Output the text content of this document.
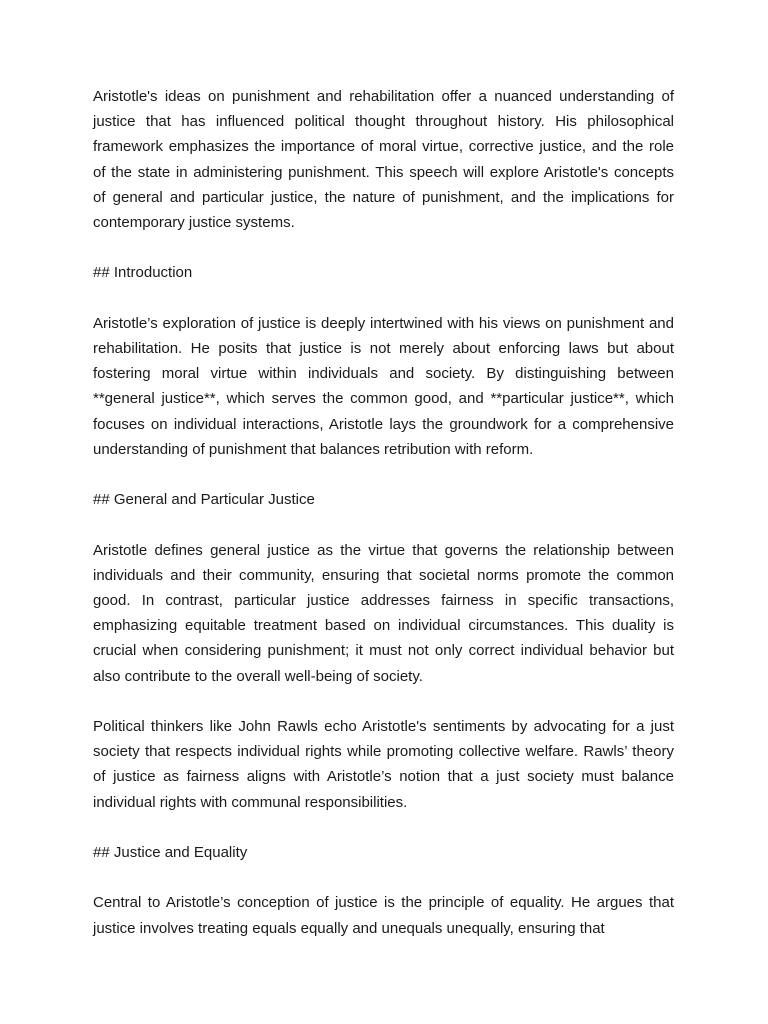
Aristotle's ideas on punishment and rehabilitation offer a nuanced understanding of justice that has influenced political thought throughout history. His philosophical framework emphasizes the importance of moral virtue, corrective justice, and the role of the state in administering punishment. This speech will explore Aristotle's concepts of general and particular justice, the nature of punishment, and the implications for contemporary justice systems.

## Introduction

Aristotle’s exploration of justice is deeply intertwined with his views on punishment and rehabilitation. He posits that justice is not merely about enforcing laws but about fostering moral virtue within individuals and society. By distinguishing between **general justice**, which serves the common good, and **particular justice**, which focuses on individual interactions, Aristotle lays the groundwork for a comprehensive understanding of punishment that balances retribution with reform.

## General and Particular Justice

Aristotle defines general justice as the virtue that governs the relationship between individuals and their community, ensuring that societal norms promote the common good. In contrast, particular justice addresses fairness in specific transactions, emphasizing equitable treatment based on individual circumstances. This duality is crucial when considering punishment; it must not only correct individual behavior but also contribute to the overall well-being of society.

Political thinkers like John Rawls echo Aristotle's sentiments by advocating for a just society that respects individual rights while promoting collective welfare. Rawls’ theory of justice as fairness aligns with Aristotle’s notion that a just society must balance individual rights with communal responsibilities.

## Justice and Equality

Central to Aristotle’s conception of justice is the principle of equality. He argues that justice involves treating equals equally and unequals unequally, ensuring that
